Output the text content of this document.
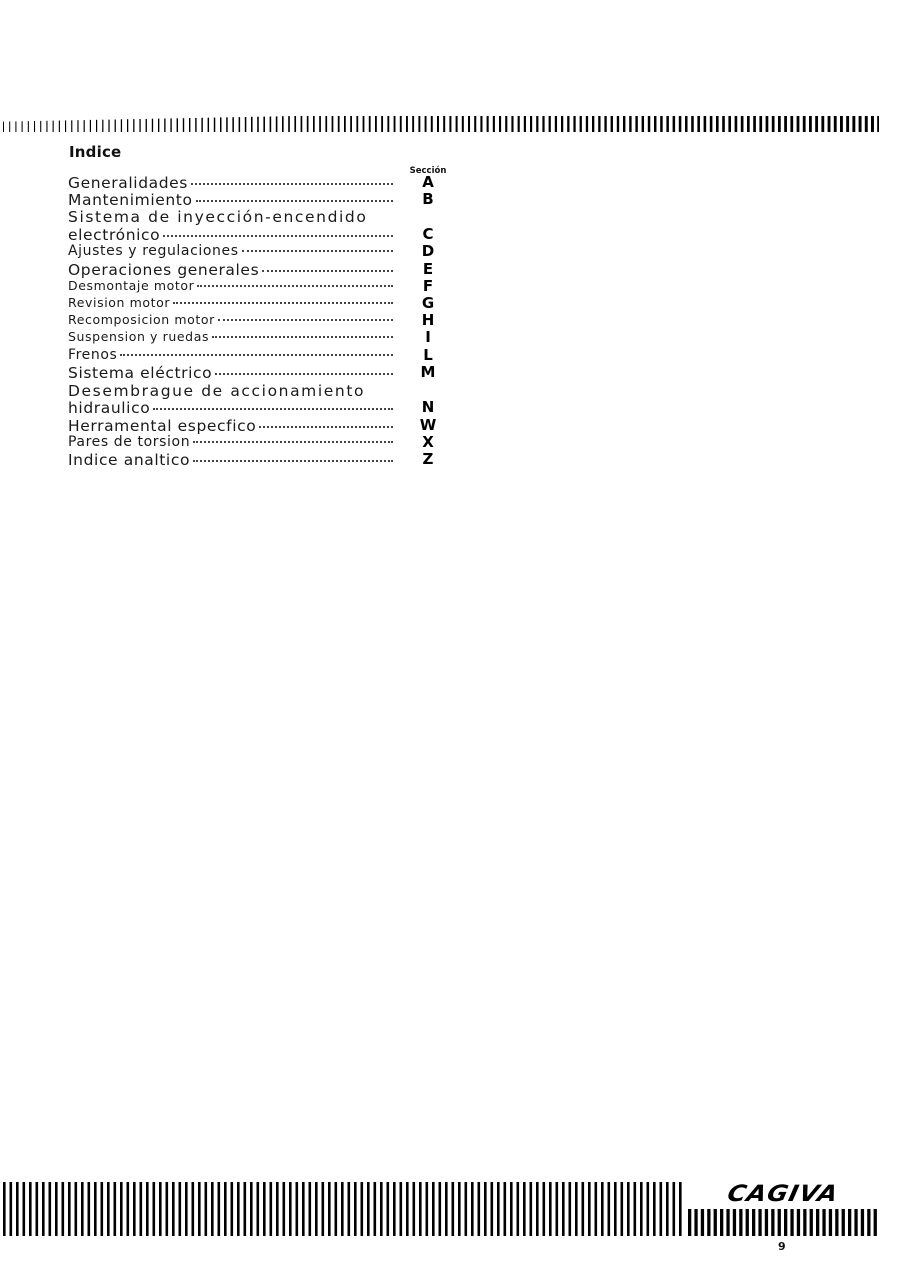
Indice
Sección
Generalidades	A
Mantenimiento	B
Sistema de inyección-encendido
electrónico	C
Ajustes y regulaciones	D
Operaciones generales	E
Desmontaje motor	F
Revision motor	G
Recomposicion motor	H
Suspension y ruedas	I
Frenos	L
Sistema eléctrico	M
Desembrague de accionamiento
hidraulico	N
Herramental especfico	W
Pares de torsion	X
Indice analtico	Z
CAGIVA
9
